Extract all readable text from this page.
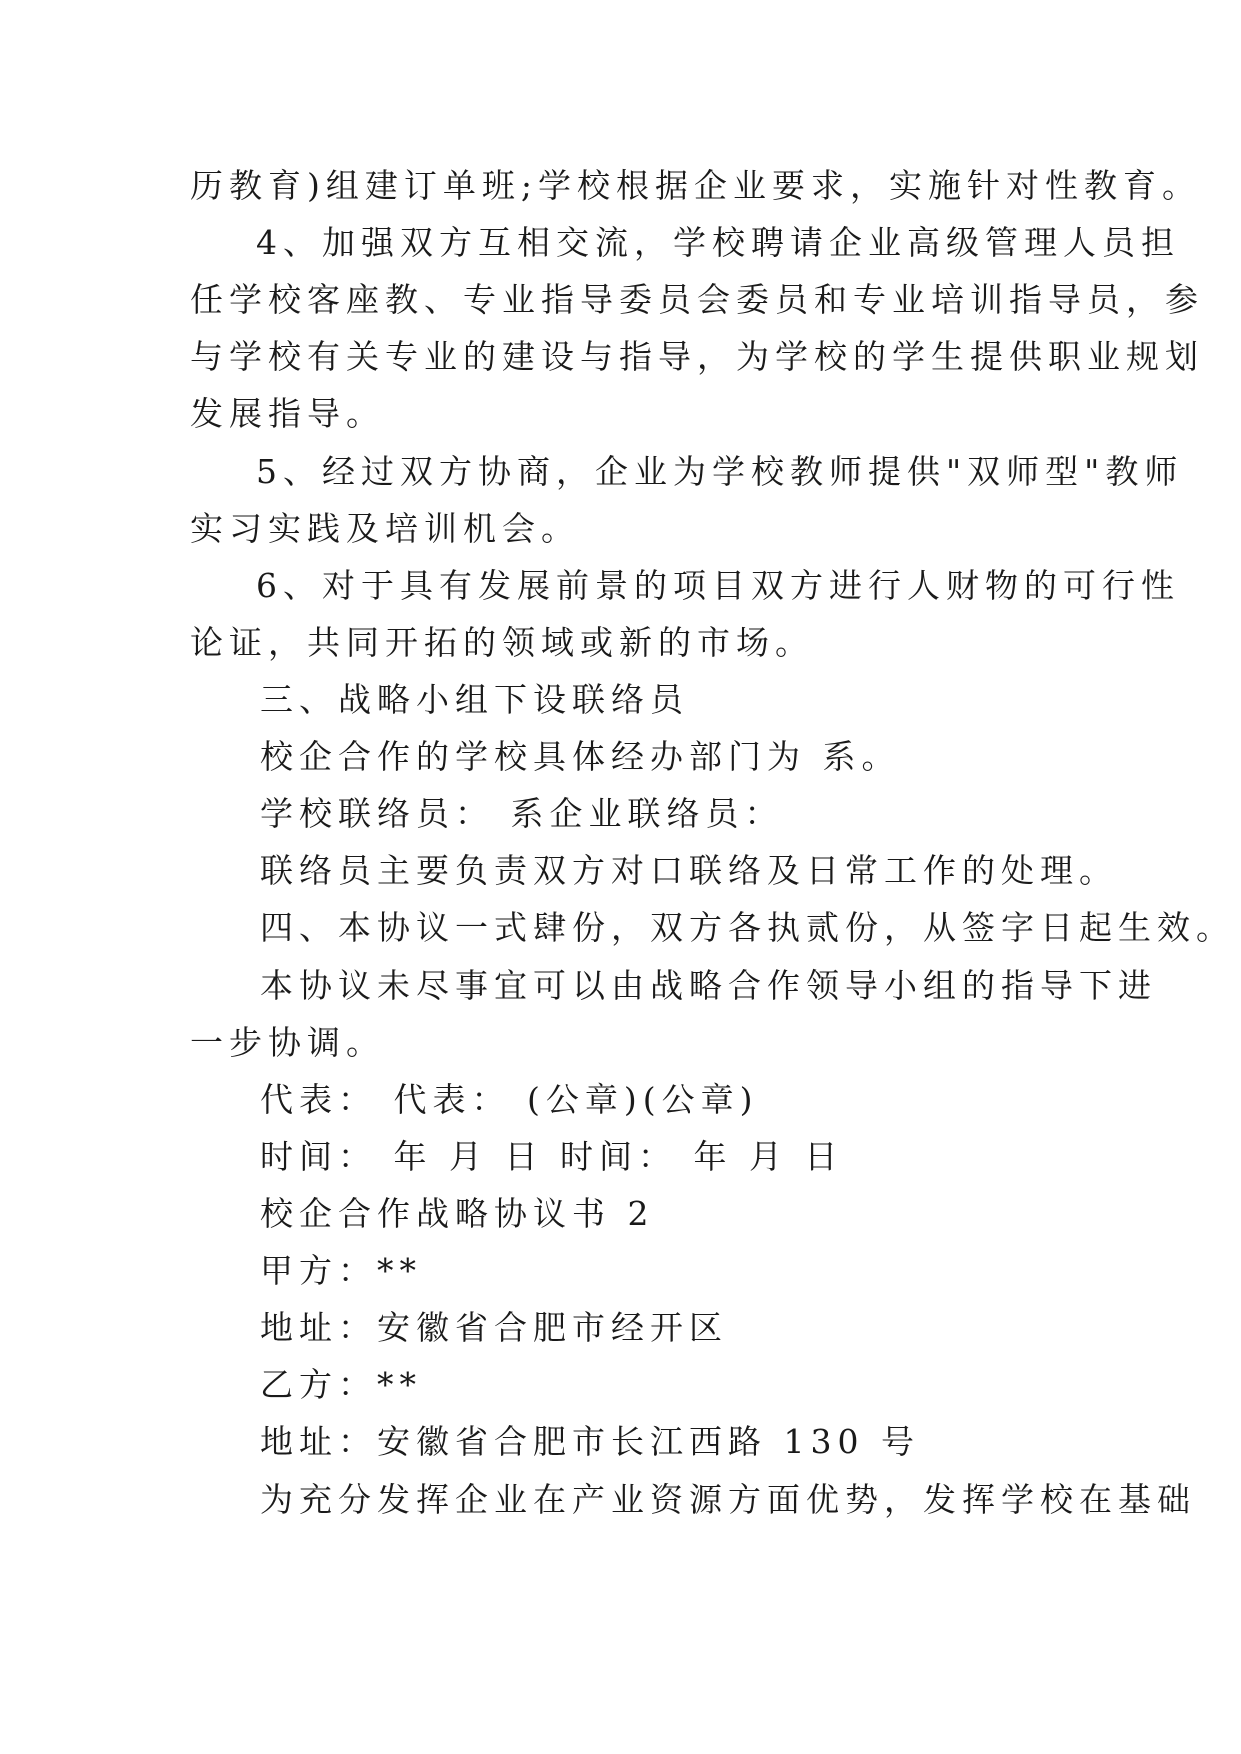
历教育)组建订单班;学校根据企业要求，实施针对性教育。
4、加强双方互相交流，学校聘请企业高级管理人员担
任学校客座教、专业指导委员会委员和专业培训指导员，参
与学校有关专业的建设与指导，为学校的学生提供职业规划
发展指导。
5、经过双方协商，企业为学校教师提供"双师型"教师
实习实践及培训机会。
6、对于具有发展前景的项目双方进行人财物的可行性
论证，共同开拓的领域或新的市场。
三、战略小组下设联络员
校企合作的学校具体经办部门为 系。
学校联络员： 系企业联络员：
联络员主要负责双方对口联络及日常工作的处理。
四、本协议一式肆份，双方各执贰份，从签字日起生效。
本协议未尽事宜可以由战略合作领导小组的指导下进
一步协调。
代表： 代表： (公章)(公章)
时间： 年 月 日 时间： 年 月 日
校企合作战略协议书 2
甲方：**
地址：安徽省合肥市经开区
乙方：**
地址：安徽省合肥市长江西路 130 号
为充分发挥企业在产业资源方面优势，发挥学校在基础
